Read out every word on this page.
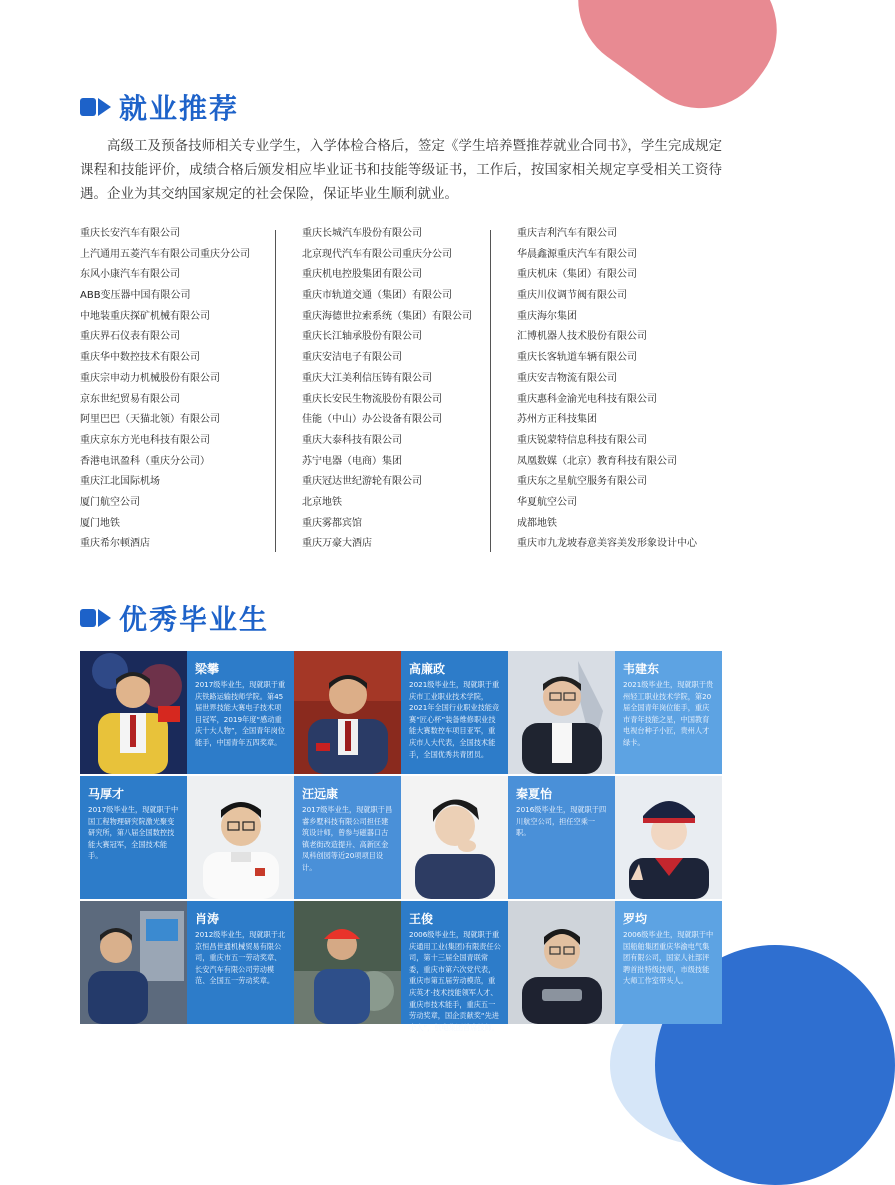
就业推荐

高级工及预备技师相关专业学生，入学体检合格后，签定《学生培养暨推荐就业合同书》，学生完成规定课程和技能评价，成绩合格后颁发相应毕业证书和技能等级证书，工作后，按国家相关规定享受相关工资待遇。企业为其交纳国家规定的社会保险，保证毕业生顺利就业。

重庆长安汽车有限公司
上汽通用五菱汽车有限公司重庆分公司
东风小康汽车有限公司
ABB变压器中国有限公司
中地装重庆探矿机械有限公司
重庆界石仪表有限公司
重庆华中数控技术有限公司
重庆宗申动力机械股份有限公司
京东世纪贸易有限公司
阿里巴巴（天猫北领）有限公司
重庆京东方光电科技有限公司
香港电讯盈科（重庆分公司）
重庆江北国际机场
厦门航空公司
厦门地铁
重庆希尔顿酒店
重庆长城汽车股份有限公司
北京现代汽车有限公司重庆分公司
重庆机电控股集团有限公司
重庆市轨道交通（集团）有限公司
重庆海德世拉索系统（集团）有限公司
重庆长江轴承股份有限公司
重庆安洁电子有限公司
重庆大江美利信压铸有限公司
重庆长安民生物流股份有限公司
佳能（中山）办公设备有限公司
重庆大泰科技有限公司
苏宁电器（电商）集团
重庆冠达世纪游轮有限公司
北京地铁
重庆雾都宾馆
重庆万豪大酒店
重庆吉利汽车有限公司
华晨鑫源重庆汽车有限公司
重庆机床（集团）有限公司
重庆川仪调节阀有限公司
重庆海尔集团
汇博机器人技术股份有限公司
重庆长客轨道车辆有限公司
重庆安吉物流有限公司
重庆惠科金渝光电科技有限公司
苏州方正科技集团
重庆锐蒙特信息科技有限公司
凤凰数媒（北京）教育科技有限公司
重庆东之星航空服务有限公司
华夏航空公司
成都地铁
重庆市九龙坡春意美容美发形象设计中心
优秀毕业生
梁攀
2017级毕业生，现就职于重庆铁路运输技师学院。第45届世界技能大赛电子技术项目冠军，2019年度“感动重庆十大人物”，全国青年岗位能手，中国青年五四奖章。
高廉政
2021级毕业生，现就职于重庆市工业职业技术学院，2021年全国行业职业技能竞赛“匠心杯”装备维修职业技能大赛数控车项目亚军，重庆市人大代表，全国技术能手，全国优秀共青团员。
韦建东
2021级毕业生，现就职于贵州轻工职业技术学院，第20届全国青年岗位能手，重庆市青年技能之星，中国教育电视台种子小匠，贵州人才绿卡。
马厚才
2017级毕业生，现就职于中国工程物理研究院激光聚变研究所，第八届全国数控技能大赛冠军，全国技术能手。
汪远康
2017级毕业生，现就职于昌睿乡墅科技有限公司担任建筑设计师，曾参与磁器口古镇老街改造提升、高新区金凤科创园等近20项项目设计。
秦夏怡
2016级毕业生，现就职于四川航空公司，担任空乘一职。
肖涛
2012级毕业生，现就职于北京恒昌世通机械贸易有限公司，重庆市五一劳动奖章、长安汽车有限公司劳动模范、全国五一劳动奖章。
王俊
2006级毕业生，现就职于重庆通用工业(集团)有限责任公司，第十三届全国青联常委，重庆市第六次党代表，重庆市第五届劳动模范，重庆英才·技术技能领军人才、重庆市技术能手，重庆五一劳动奖章，国企贡献奖“先进个人”，机电集团首席技师。
罗均
2006级毕业生，现就职于中国船舶集团重庆华渝电气集团有限公司，国家人社部评聘首批特级技师，市级技能大师工作室带头人。
